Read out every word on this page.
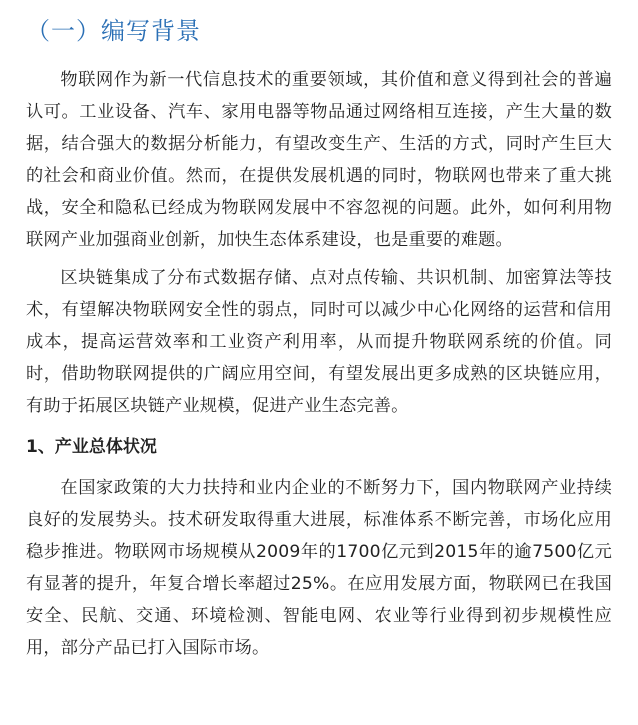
（一）编写背景

物联网作为新一代信息技术的重要领域，其价值和意义得到社会的普遍认可。工业设备、汽车、家用电器等物品通过网络相互连接，产生大量的数据，结合强大的数据分析能力，有望改变生产、生活的方式，同时产生巨大的社会和商业价值。然而，在提供发展机遇的同时，物联网也带来了重大挑战，安全和隐私已经成为物联网发展中不容忽视的问题。此外，如何利用物联网产业加强商业创新，加快生态体系建设，也是重要的难题。

区块链集成了分布式数据存储、点对点传输、共识机制、加密算法等技术，有望解决物联网安全性的弱点，同时可以减少中心化网络的运营和信用成本，提高运营效率和工业资产利用率，从而提升物联网系统的价值。同时，借助物联网提供的广阔应用空间，有望发展出更多成熟的区块链应用，有助于拓展区块链产业规模，促进产业生态完善。

1、产业总体状况

在国家政策的大力扶持和业内企业的不断努力下，国内物联网产业持续良好的发展势头。技术研发取得重大进展，标准体系不断完善，市场化应用稳步推进。物联网市场规模从2009年的1700亿元到2015年的逾7500亿元有显著的提升，年复合增长率超过25%。在应用发展方面，物联网已在我国安全、民航、交通、环境检测、智能电网、农业等行业得到初步规模性应用，部分产品已打入国际市场。
